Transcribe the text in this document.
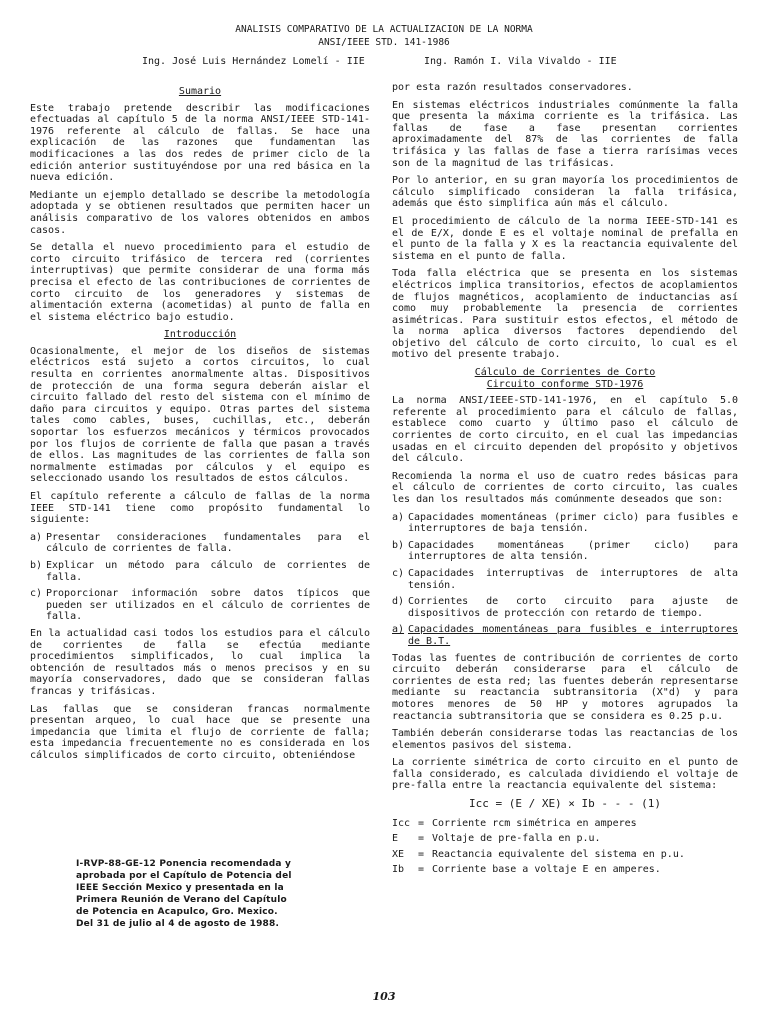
ANALISIS COMPARATIVO DE LA ACTUALIZACION DE LA NORMA
ANSI/IEEE STD. 141-1986
Ing. José Luis Hernández Lomelí - IIE	Ing. Ramón I. Vila Vivaldo - IIE
Sumario

Este trabajo pretende describir las modificaciones efectuadas al capítulo 5 de la norma ANSI/IEEE STD-141-1976 referente al cálculo de fallas. Se hace una explicación de las razones que fundamentan las modificaciones a las dos redes de primer ciclo de la edición anterior sustituyéndose por una red básica en la nueva edición.

Mediante un ejemplo detallado se describe la metodología adoptada y se obtienen resultados que permiten hacer un análisis comparativo de los valores obtenidos en ambos casos.

Se detalla el nuevo procedimiento para el estudio de corto circuito trifásico de tercera red (corrientes interruptivas) que permite considerar de una forma más precisa el efecto de las contribuciones de corrientes de corto circuito de los generadores y sistemas de alimentación externa (acometidas) al punto de falla en el sistema eléctrico bajo estudio.

Introducción

Ocasionalmente, el mejor de los diseños de sistemas eléctricos está sujeto a cortos circuitos, lo cual resulta en corrientes anormalmente altas. Dispositivos de protección de una forma segura deberán aislar el circuito fallado del resto del sistema con el mínimo de daño para circuitos y equipo. Otras partes del sistema tales como cables, buses, cuchillas, etc., deberán soportar los esfuerzos mecánicos y térmicos provocados por los flujos de corriente de falla que pasan a través de ellos. Las magnitudes de las corrientes de falla son normalmente estimadas por cálculos y el equipo es seleccionado usando los resultados de estos cálculos.

El capítulo referente a cálculo de fallas de la norma IEEE STD-141 tiene como propósito fundamental lo siguiente:

a) Presentar consideraciones fundamentales para el cálculo de corrientes de falla.
b) Explicar un método para cálculo de corrientes de falla.
c) Proporcionar información sobre datos típicos que pueden ser utilizados en el cálculo de corrientes de falla.

En la actualidad casi todos los estudios para el cálculo de corrientes de falla se efectúa mediante procedimientos simplificados, lo cual implica la obtención de resultados más o menos precisos y en su mayoría conservadores, dado que se consideran fallas francas y trifásicas.

Las fallas que se consideran francas normalmente presentan arqueo, lo cual hace que se presente una impedancia que limita el flujo de corriente de falla; esta impedancia frecuentemente no es considerada en los cálculos simplificados de corto circuito, obteniéndose

por esta razón resultados conservadores.

En sistemas eléctricos industriales comúnmente la falla que presenta la máxima corriente es la trifásica. Las fallas de fase a fase presentan corrientes aproximadamente del 87% de las corrientes de falla trifásica y las fallas de fase a tierra rarísimas veces son de la magnitud de las trifásicas.

Por lo anterior, en su gran mayoría los procedimientos de cálculo simplificado consideran la falla trifásica, además que ésto simplifica aún más el cálculo.

El procedimiento de cálculo de la norma IEEE-STD-141 es el de E/X, donde E es el voltaje nominal de prefalla en el punto de la falla y X es la reactancia equivalente del sistema en el punto de falla.

Toda falla eléctrica que se presenta en los sistemas eléctricos implica transitorios, efectos de acoplamientos de flujos magnéticos, acoplamiento de inductancias así como muy probablemente la presencia de corrientes asimétricas. Para sustituir estos efectos, el método de la norma aplica diversos factores dependiendo del objetivo del cálculo de corto circuito, lo cual es el motivo del presente trabajo.

Cálculo de Corrientes de Corto
Circuito conforme STD-1976

La norma ANSI/IEEE-STD-141-1976, en el capítulo 5.0 referente al procedimiento para el cálculo de fallas, establece como cuarto y último paso el cálculo de corrientes de corto circuito, en el cual las impedancias usadas en el circuito dependen del propósito y objetivos del cálculo.

Recomienda la norma el uso de cuatro redes básicas para el cálculo de corrientes de corto circuito, las cuales les dan los resultados más comúnmente deseados que son:

a) Capacidades momentáneas (primer ciclo) para fusibles e interruptores de baja tensión.
b) Capacidades momentáneas (primer ciclo) para interruptores de alta tensión.
c) Capacidades interruptivas de interruptores de alta tensión.
d) Corrientes de corto circuito para ajuste de dispositivos de protección con retardo de tiempo.
a) Capacidades momentáneas para fusibles e interruptores de B.T.

Todas las fuentes de contribución de corrientes de corto circuito deberán considerarse para el cálculo de corrientes de esta red; las fuentes deberán representarse mediante su reactancia subtransitoria (X"d) y para motores menores de 50 HP y motores agrupados la reactancia subtransitoria que se considera es 0.25 p.u.

También deberán considerarse todas las reactancias de los elementos pasivos del sistema.

La corriente simétrica de corto circuito en el punto de falla considerado, es calculada dividiendo el voltaje de pre-falla entre la reactancia equivalente del sistema:

Icc = (E / XE) × Ib - - - (1)
Icc = Corriente rcm simétrica en amperes
E	= Voltaje de pre-falla en p.u.
XE	= Reactancia equivalente del sistema en p.u.
Ib	= Corriente base a voltaje E en amperes.
I-RVP-88-GE-12 Ponencia recomendada y
aprobada por el Capítulo de Potencia del
IEEE Sección Mexico y presentada en la
Primera Reunión de Verano del Capítulo
de Potencia en Acapulco, Gro. Mexico.
Del 31 de julio al 4 de agosto de 1988.
103
